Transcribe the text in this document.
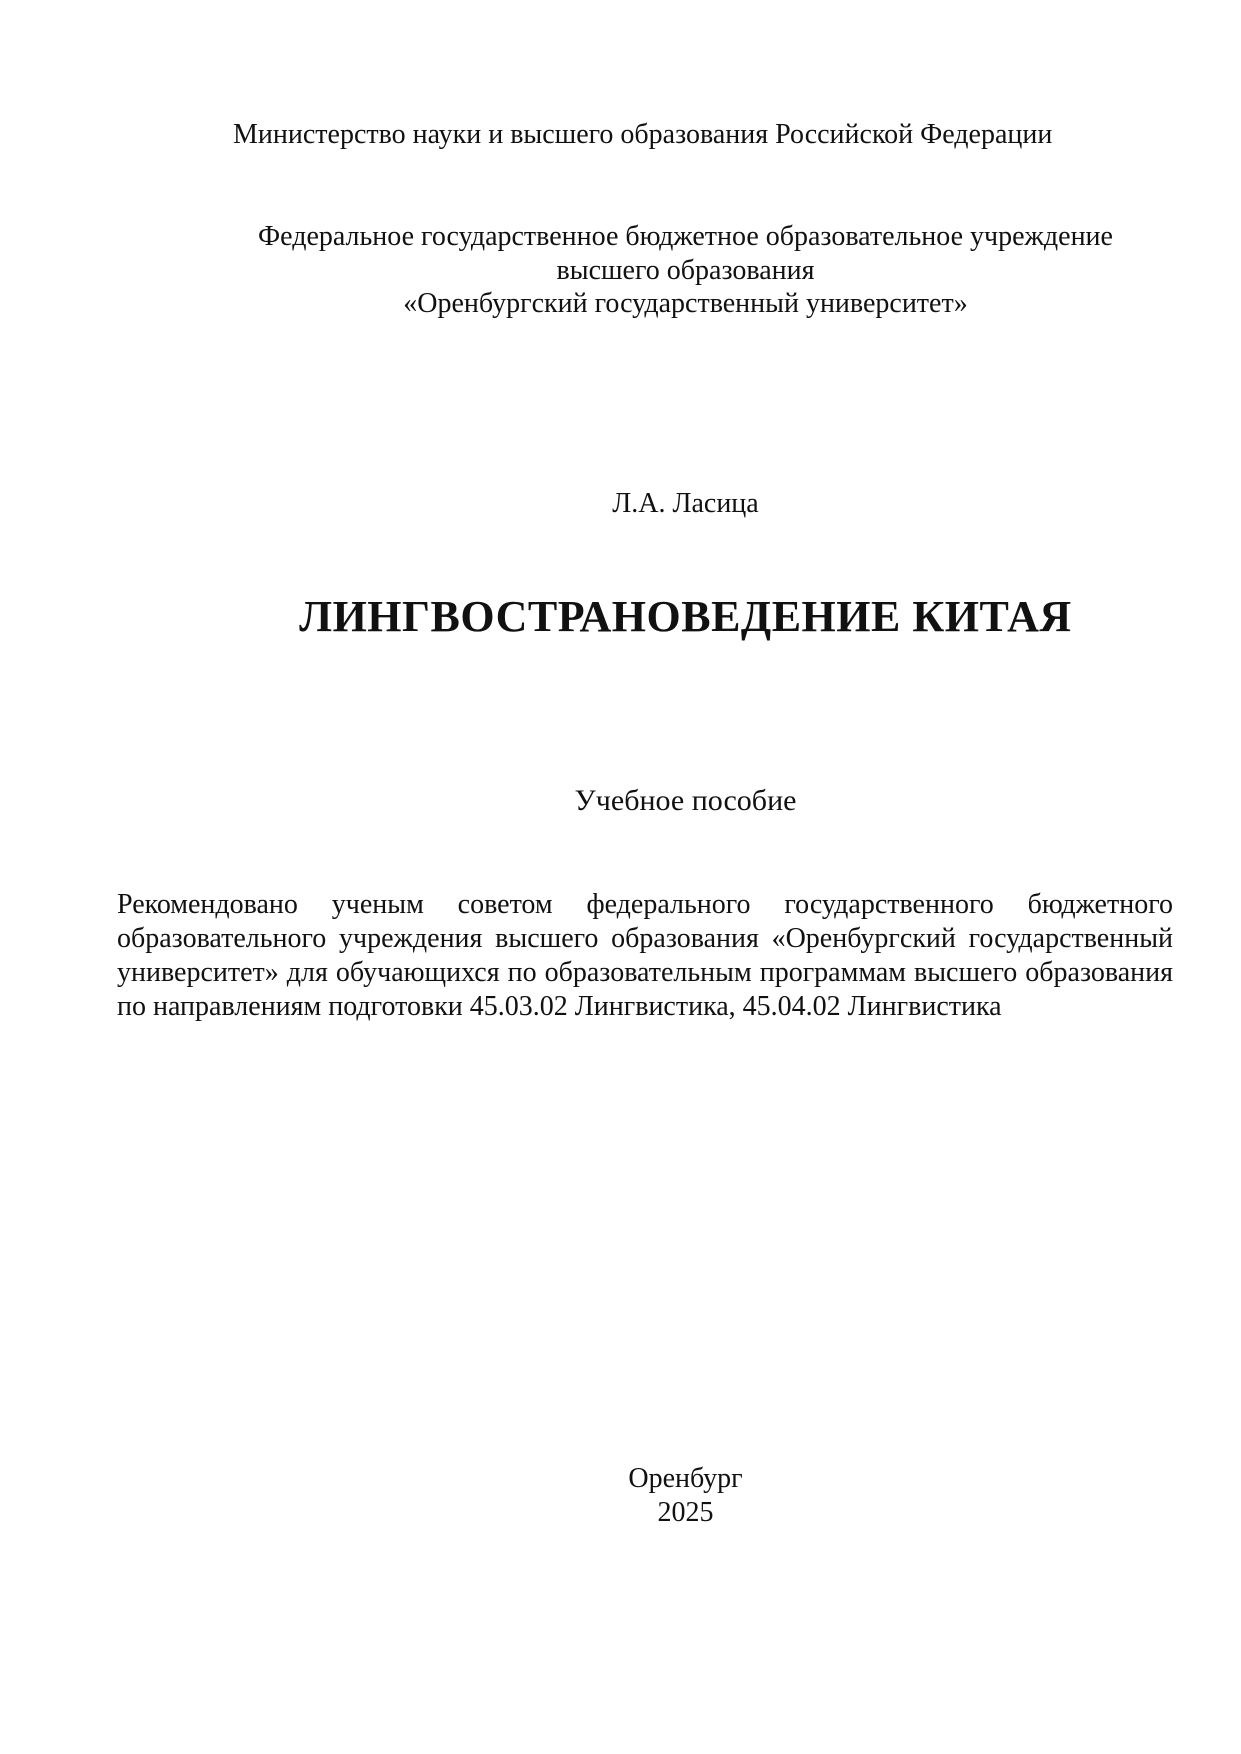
Министерство науки и высшего образования Российской Федерации
Федеральное государственное бюджетное образовательное учреждение
высшего образования
«Оренбургский государственный университет»
Л.А. Ласица
ЛИНГВОСТРАНОВЕДЕНИЕ КИТАЯ
Учебное пособие
Рекомендовано ученым советом федерального государственного бюджетного образовательного учреждения высшего образования «Оренбургский государственный университет» для обучающихся по образовательным программам высшего образования по направлениям подготовки 45.03.02 Лингвистика, 45.04.02 Лингвистика
Оренбург
2025
